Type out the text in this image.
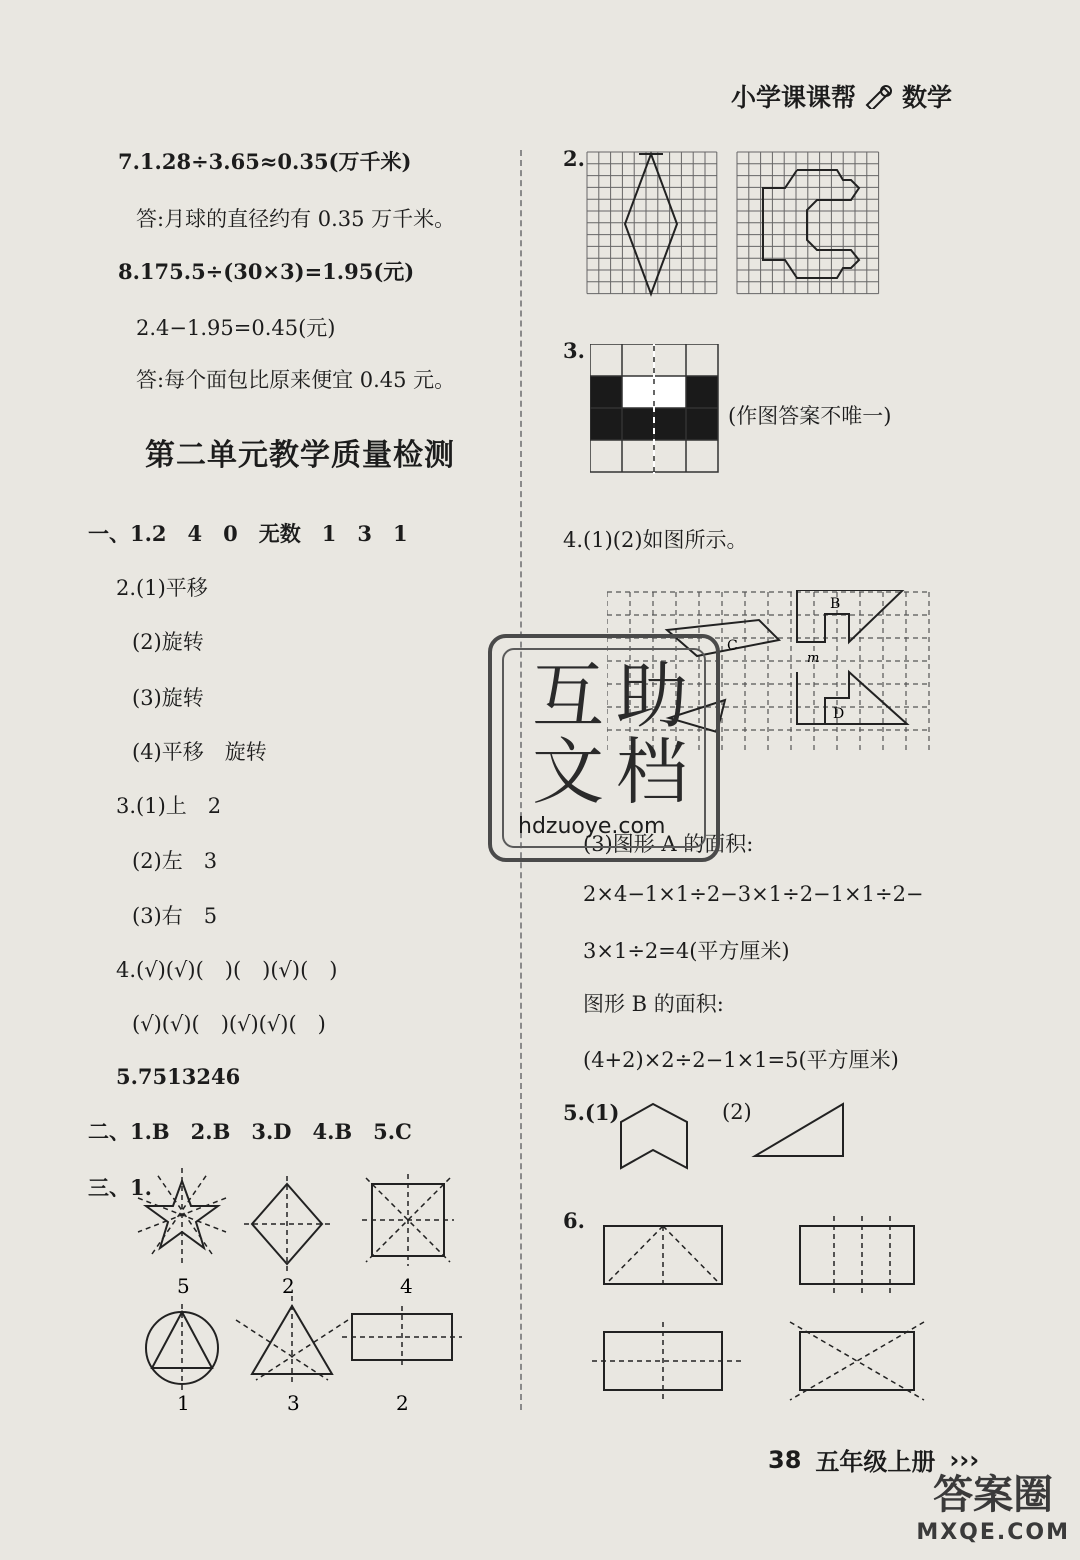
小学课课帮 数学
7.1.28÷3.65≈0.35(万千米)
答:月球的直径约有 0.35 万千米。
8.175.5÷(30×3)=1.95(元)
2.4−1.95=0.45(元)
答:每个面包比原来便宜 0.45 元。
第二单元教学质量检测
一、1.2　4　0　无数　1　3　1
2.(1)平移
(2)旋转
(3)旋转
(4)平移　旋转
3.(1)上　2
(2)左　3
(3)右　5
4.(√)(√)(　)(　)(√)(　)
(√)(√)(　)(√)(√)(　)
5.7513246
二、1.B　2.B　3.D　4.B　5.C
三、1.
5	2	4
1	3	2
2.
3.
(作图答案不唯一)
4.(1)(2)如图所示。
B
C
m
D
(3)图形 A 的面积:
2×4−1×1÷2−3×1÷2−1×1÷2−
3×1÷2=4(平方厘米)
图形 B 的面积:
(4+2)×2÷2−1×1=5(平方厘米)
5.(1)	(2)
6.
互 助
文 档
hdzuoye.com
38 五年级上册 ›››
答案圈
MXQE.COM
